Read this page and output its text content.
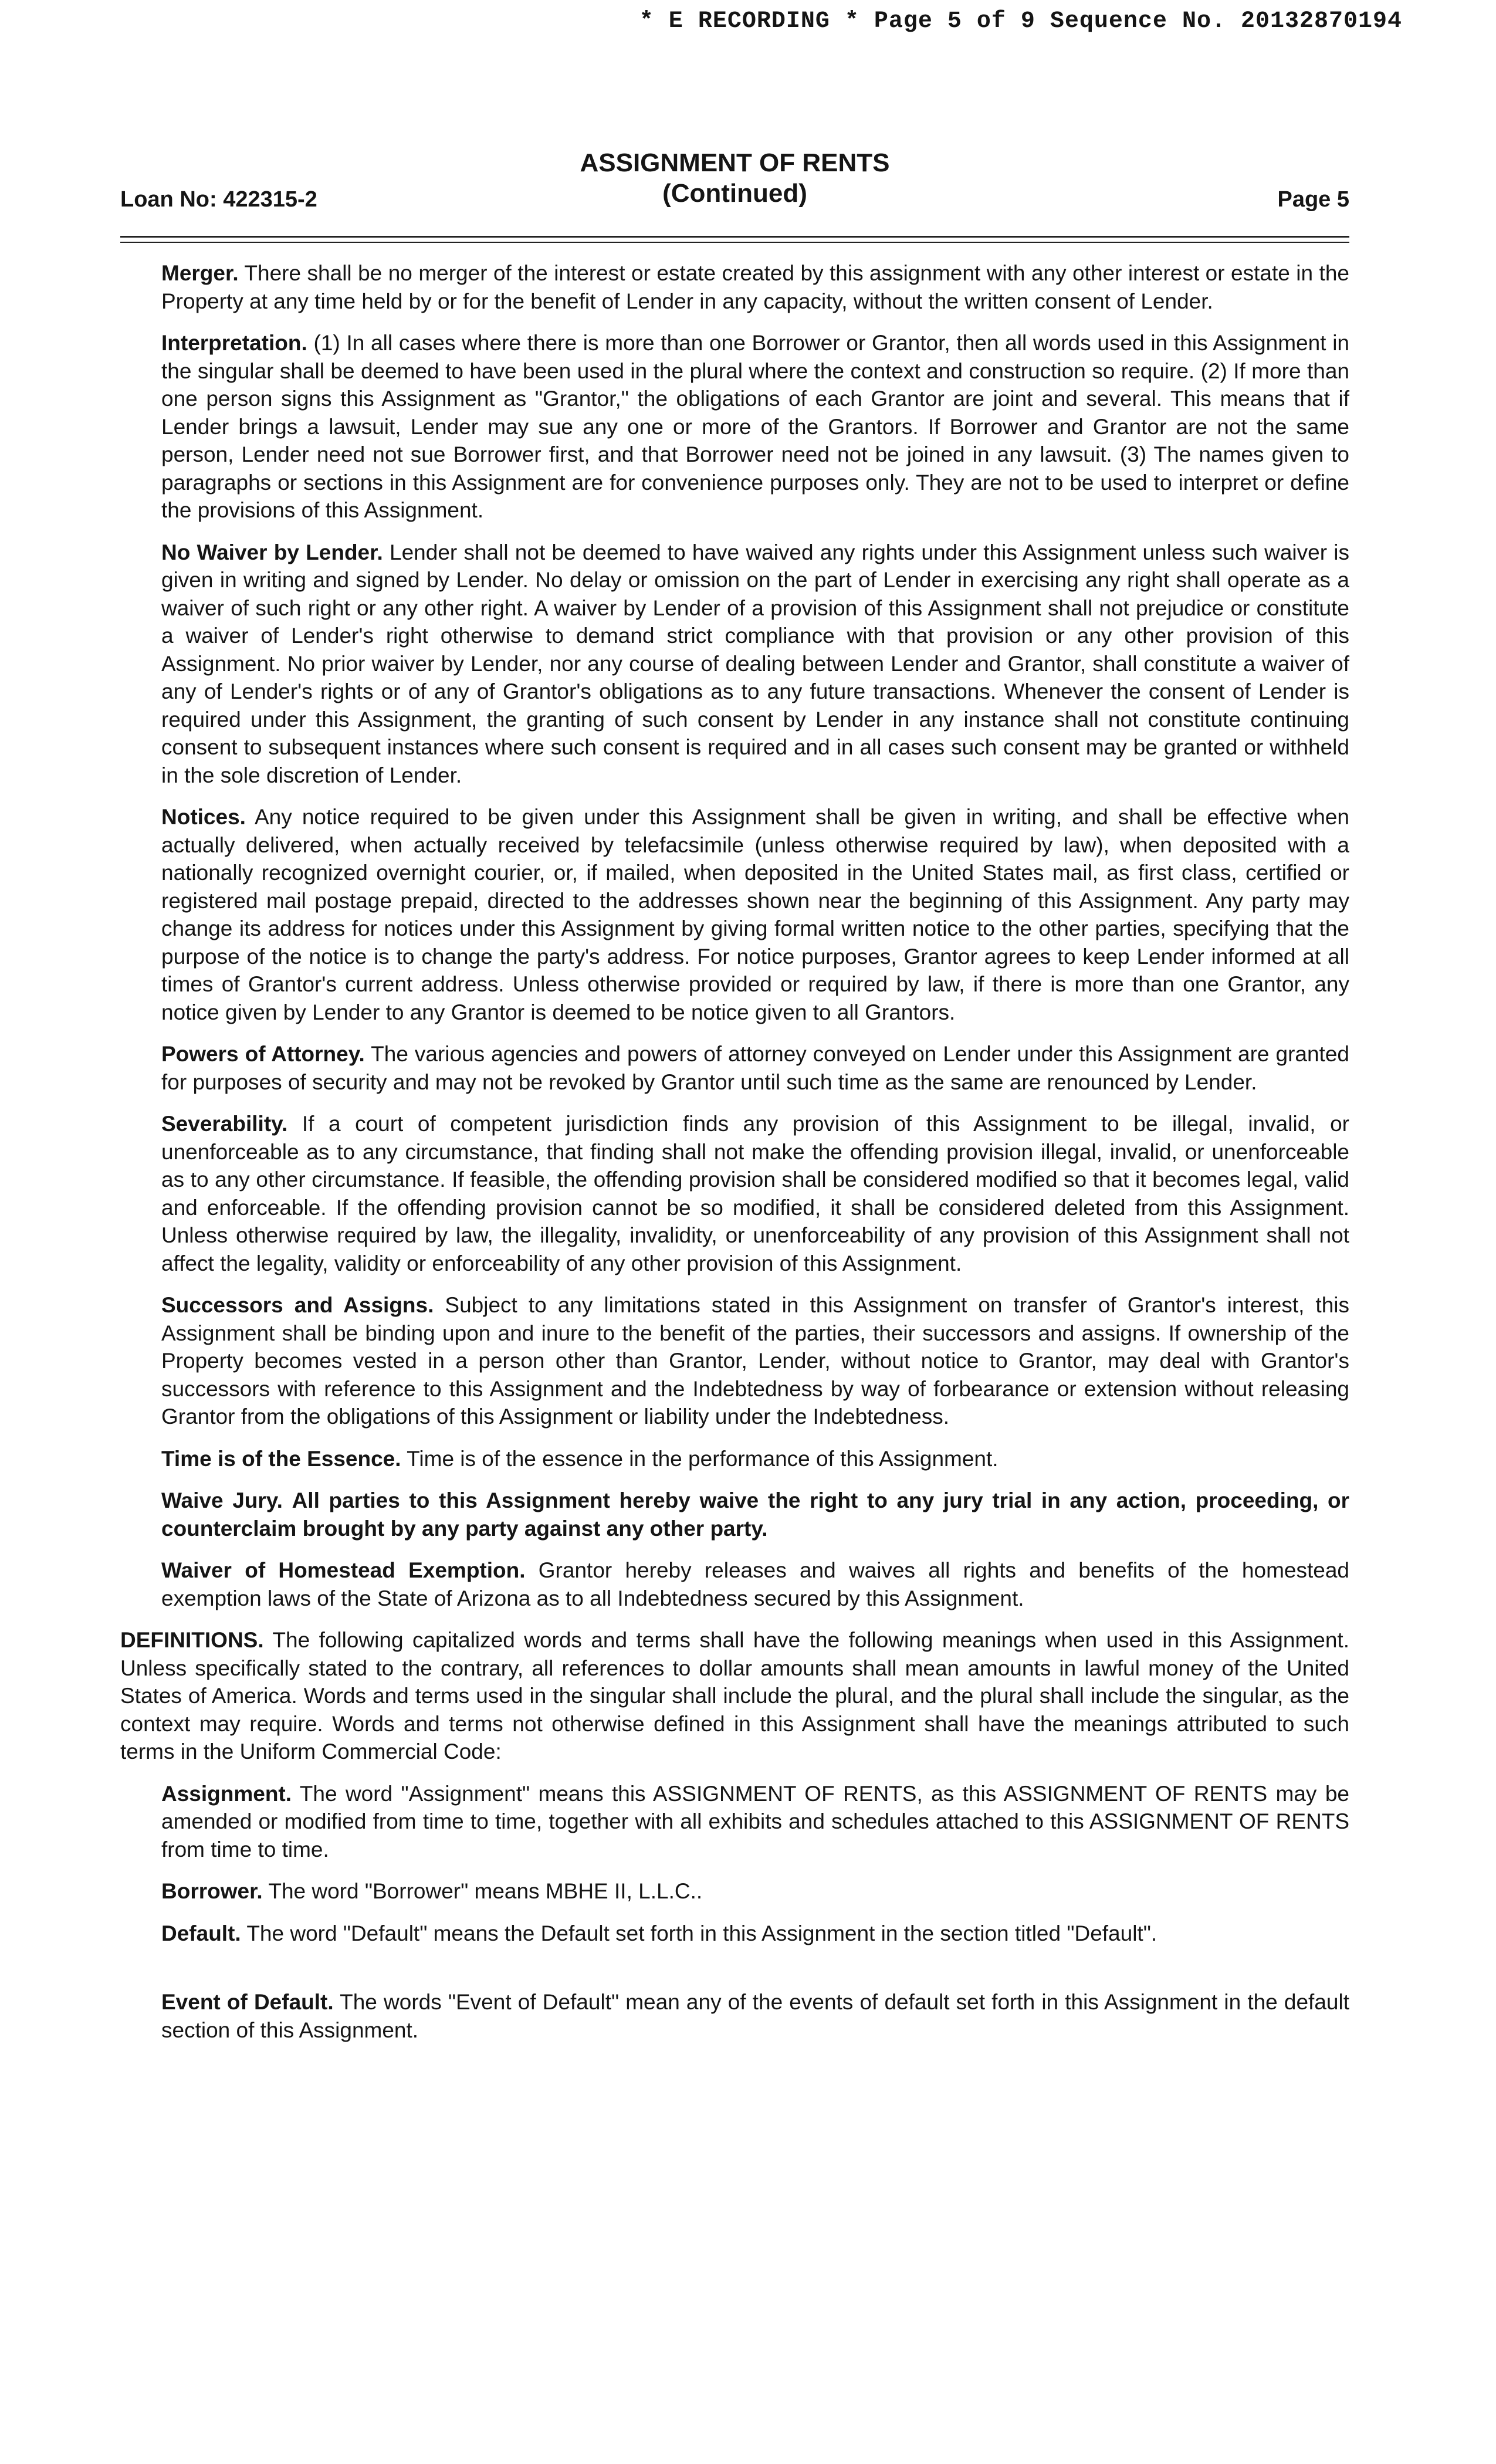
* E RECORDING * Page 5 of 9 Sequence No. 20132870194
ASSIGNMENT OF RENTS
(Continued)
Loan No: 422315-2	Page 5

Merger. There shall be no merger of the interest or estate created by this assignment with any other interest or estate in the Property at any time held by or for the benefit of Lender in any capacity, without the written consent of Lender.

Interpretation. (1) In all cases where there is more than one Borrower or Grantor, then all words used in this Assignment in the singular shall be deemed to have been used in the plural where the context and construction so require. (2) If more than one person signs this Assignment as "Grantor," the obligations of each Grantor are joint and several. This means that if Lender brings a lawsuit, Lender may sue any one or more of the Grantors. If Borrower and Grantor are not the same person, Lender need not sue Borrower first, and that Borrower need not be joined in any lawsuit. (3) The names given to paragraphs or sections in this Assignment are for convenience purposes only. They are not to be used to interpret or define the provisions of this Assignment.

No Waiver by Lender. Lender shall not be deemed to have waived any rights under this Assignment unless such waiver is given in writing and signed by Lender. No delay or omission on the part of Lender in exercising any right shall operate as a waiver of such right or any other right. A waiver by Lender of a provision of this Assignment shall not prejudice or constitute a waiver of Lender's right otherwise to demand strict compliance with that provision or any other provision of this Assignment. No prior waiver by Lender, nor any course of dealing between Lender and Grantor, shall constitute a waiver of any of Lender's rights or of any of Grantor's obligations as to any future transactions. Whenever the consent of Lender is required under this Assignment, the granting of such consent by Lender in any instance shall not constitute continuing consent to subsequent instances where such consent is required and in all cases such consent may be granted or withheld in the sole discretion of Lender.

Notices. Any notice required to be given under this Assignment shall be given in writing, and shall be effective when actually delivered, when actually received by telefacsimile (unless otherwise required by law), when deposited with a nationally recognized overnight courier, or, if mailed, when deposited in the United States mail, as first class, certified or registered mail postage prepaid, directed to the addresses shown near the beginning of this Assignment. Any party may change its address for notices under this Assignment by giving formal written notice to the other parties, specifying that the purpose of the notice is to change the party's address. For notice purposes, Grantor agrees to keep Lender informed at all times of Grantor's current address. Unless otherwise provided or required by law, if there is more than one Grantor, any notice given by Lender to any Grantor is deemed to be notice given to all Grantors.

Powers of Attorney. The various agencies and powers of attorney conveyed on Lender under this Assignment are granted for purposes of security and may not be revoked by Grantor until such time as the same are renounced by Lender.

Severability. If a court of competent jurisdiction finds any provision of this Assignment to be illegal, invalid, or unenforceable as to any circumstance, that finding shall not make the offending provision illegal, invalid, or unenforceable as to any other circumstance. If feasible, the offending provision shall be considered modified so that it becomes legal, valid and enforceable. If the offending provision cannot be so modified, it shall be considered deleted from this Assignment. Unless otherwise required by law, the illegality, invalidity, or unenforceability of any provision of this Assignment shall not affect the legality, validity or enforceability of any other provision of this Assignment.

Successors and Assigns. Subject to any limitations stated in this Assignment on transfer of Grantor's interest, this Assignment shall be binding upon and inure to the benefit of the parties, their successors and assigns. If ownership of the Property becomes vested in a person other than Grantor, Lender, without notice to Grantor, may deal with Grantor's successors with reference to this Assignment and the Indebtedness by way of forbearance or extension without releasing Grantor from the obligations of this Assignment or liability under the Indebtedness.

Time is of the Essence. Time is of the essence in the performance of this Assignment.

Waive Jury. All parties to this Assignment hereby waive the right to any jury trial in any action, proceeding, or counterclaim brought by any party against any other party.

Waiver of Homestead Exemption. Grantor hereby releases and waives all rights and benefits of the homestead exemption laws of the State of Arizona as to all Indebtedness secured by this Assignment.

DEFINITIONS. The following capitalized words and terms shall have the following meanings when used in this Assignment. Unless specifically stated to the contrary, all references to dollar amounts shall mean amounts in lawful money of the United States of America. Words and terms used in the singular shall include the plural, and the plural shall include the singular, as the context may require. Words and terms not otherwise defined in this Assignment shall have the meanings attributed to such terms in the Uniform Commercial Code:

Assignment. The word "Assignment" means this ASSIGNMENT OF RENTS, as this ASSIGNMENT OF RENTS may be amended or modified from time to time, together with all exhibits and schedules attached to this ASSIGNMENT OF RENTS from time to time.

Borrower. The word "Borrower" means MBHE II, L.L.C..

Default. The word "Default" means the Default set forth in this Assignment in the section titled "Default".

Event of Default. The words "Event of Default" mean any of the events of default set forth in this Assignment in the default section of this Assignment.
